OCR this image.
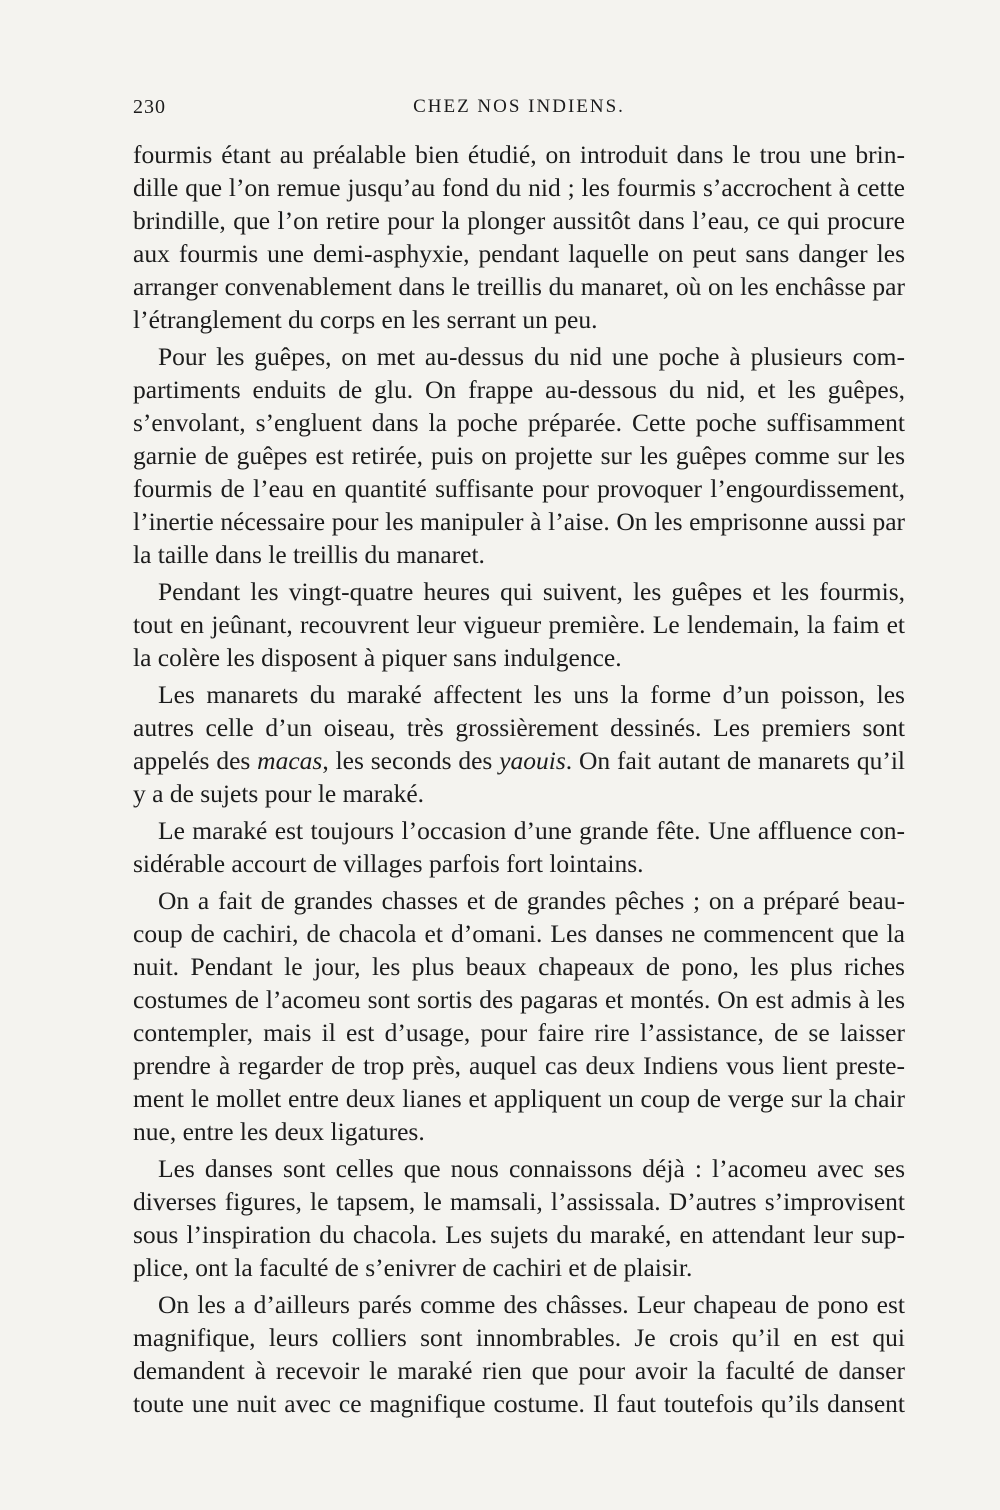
230	CHEZ NOS INDIENS.

fourmis étant au préalable bien étudié, on introduit dans le trou une brindille que l’on remue jusqu’au fond du nid ; les fourmis s’accrochent à cette brindille, que l’on retire pour la plonger aussitôt dans l’eau, ce qui procure aux fourmis une demi-asphyxie, pendant laquelle on peut sans danger les arranger convenablement dans le treillis du manaret, où on les enchâsse par l’étranglement du corps en les serrant un peu.

Pour les guêpes, on met au-dessus du nid une poche à plusieurs compartiments enduits de glu. On frappe au-dessous du nid, et les guêpes, s’envolant, s’engluent dans la poche préparée. Cette poche suffisamment garnie de guêpes est retirée, puis on projette sur les guêpes comme sur les fourmis de l’eau en quantité suffisante pour provoquer l’engourdissement, l’inertie nécessaire pour les manipuler à l’aise. On les emprisonne aussi par la taille dans le treillis du manaret.

Pendant les vingt-quatre heures qui suivent, les guêpes et les fourmis, tout en jeûnant, recouvrent leur vigueur première. Le lendemain, la faim et la colère les disposent à piquer sans indulgence.

Les manarets du maraké affectent les uns la forme d’un poisson, les autres celle d’un oiseau, très grossièrement dessinés. Les premiers sont appelés des macas, les seconds des yaouis. On fait autant de manarets qu’il y a de sujets pour le maraké.

Le maraké est toujours l’occasion d’une grande fête. Une affluence considérable accourt de villages parfois fort lointains.

On a fait de grandes chasses et de grandes pêches ; on a préparé beaucoup de cachiri, de chacola et d’omani. Les danses ne commencent que la nuit. Pendant le jour, les plus beaux chapeaux de pono, les plus riches costumes de l’acomeu sont sortis des pagaras et montés. On est admis à les contempler, mais il est d’usage, pour faire rire l’assistance, de se laisser prendre à regarder de trop près, auquel cas deux Indiens vous lient prestement le mollet entre deux lianes et appliquent un coup de verge sur la chair nue, entre les deux ligatures.

Les danses sont celles que nous connaissons déjà : l’acomeu avec ses diverses figures, le tapsem, le mamsali, l’assissala. D’autres s’improvisent sous l’inspiration du chacola. Les sujets du maraké, en attendant leur supplice, ont la faculté de s’enivrer de cachiri et de plaisir.

On les a d’ailleurs parés comme des châsses. Leur chapeau de pono est magnifique, leurs colliers sont innombrables. Je crois qu’il en est qui demandent à recevoir le maraké rien que pour avoir la faculté de danser toute une nuit avec ce magnifique costume. Il faut toutefois qu’ils dansent
